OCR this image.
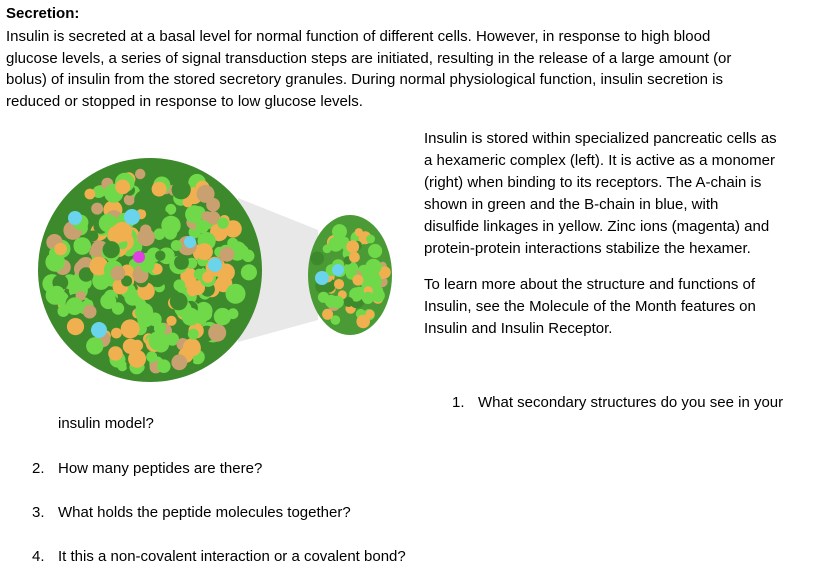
Secretion:
Insulin is secreted at a basal level for normal function of different cells. However, in response to high blood
glucose levels, a series of signal transduction steps are initiated, resulting in the release of a large amount (or
bolus) of insulin from the stored secretory granules. During normal physiological function, insulin secretion is
reduced or stopped in response to low glucose levels.
Insulin is stored within specialized pancreatic cells as
a hexameric complex (left). It is active as a monomer
(right) when binding to its receptors. The A-chain is
shown in green and the B-chain in blue, with
disulfide linkages in yellow. Zinc ions (magenta) and
protein-protein interactions stabilize the hexamer.
To learn more about the structure and functions of
Insulin, see the Molecule of the Month features on
Insulin and Insulin Receptor.
1. What secondary structures do you see in your
insulin model?
2. How many peptides are there?
3. What holds the peptide molecules together?
4. It this a non-covalent interaction or a covalent bond?
